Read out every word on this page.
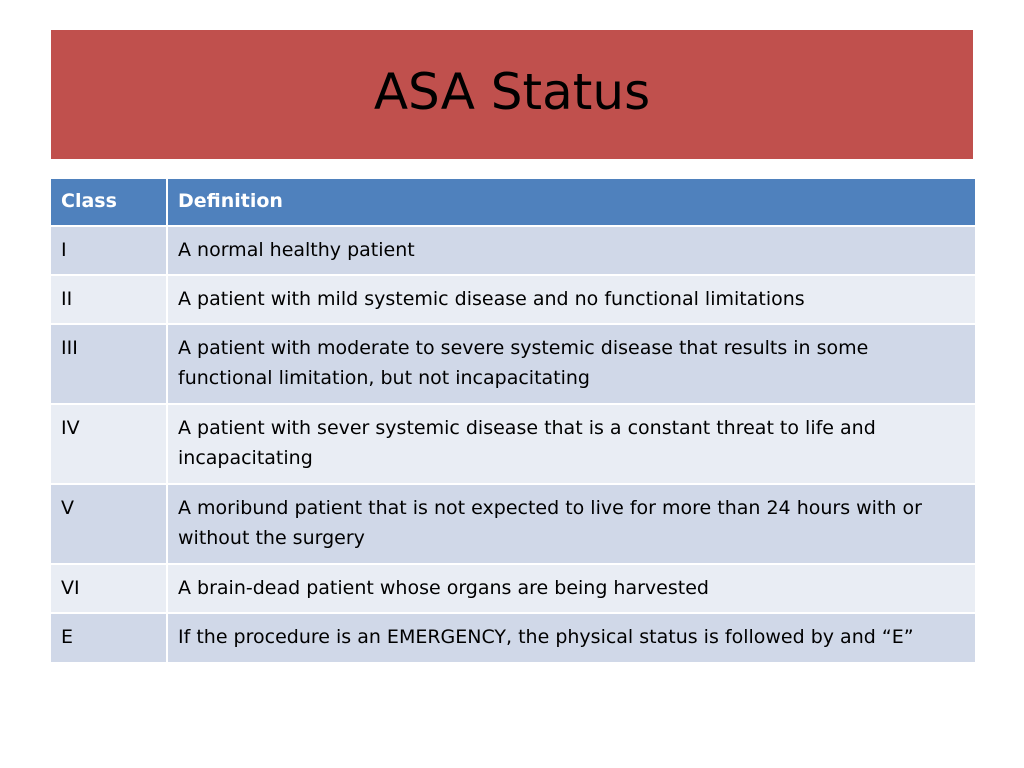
ASA Status
Class	Definition
I	A normal healthy patient
II	A patient with mild systemic disease and no functional limitations
III	A patient with moderate to severe systemic disease that results in some functional limitation, but not incapacitating
IV	A patient with sever systemic disease that is a constant threat to life and incapacitating
V	A moribund patient that is not expected to live for more than 24 hours with or without the surgery
VI	A brain-dead patient whose organs are being harvested
E	If the procedure is an EMERGENCY, the physical status is followed by and “E”
